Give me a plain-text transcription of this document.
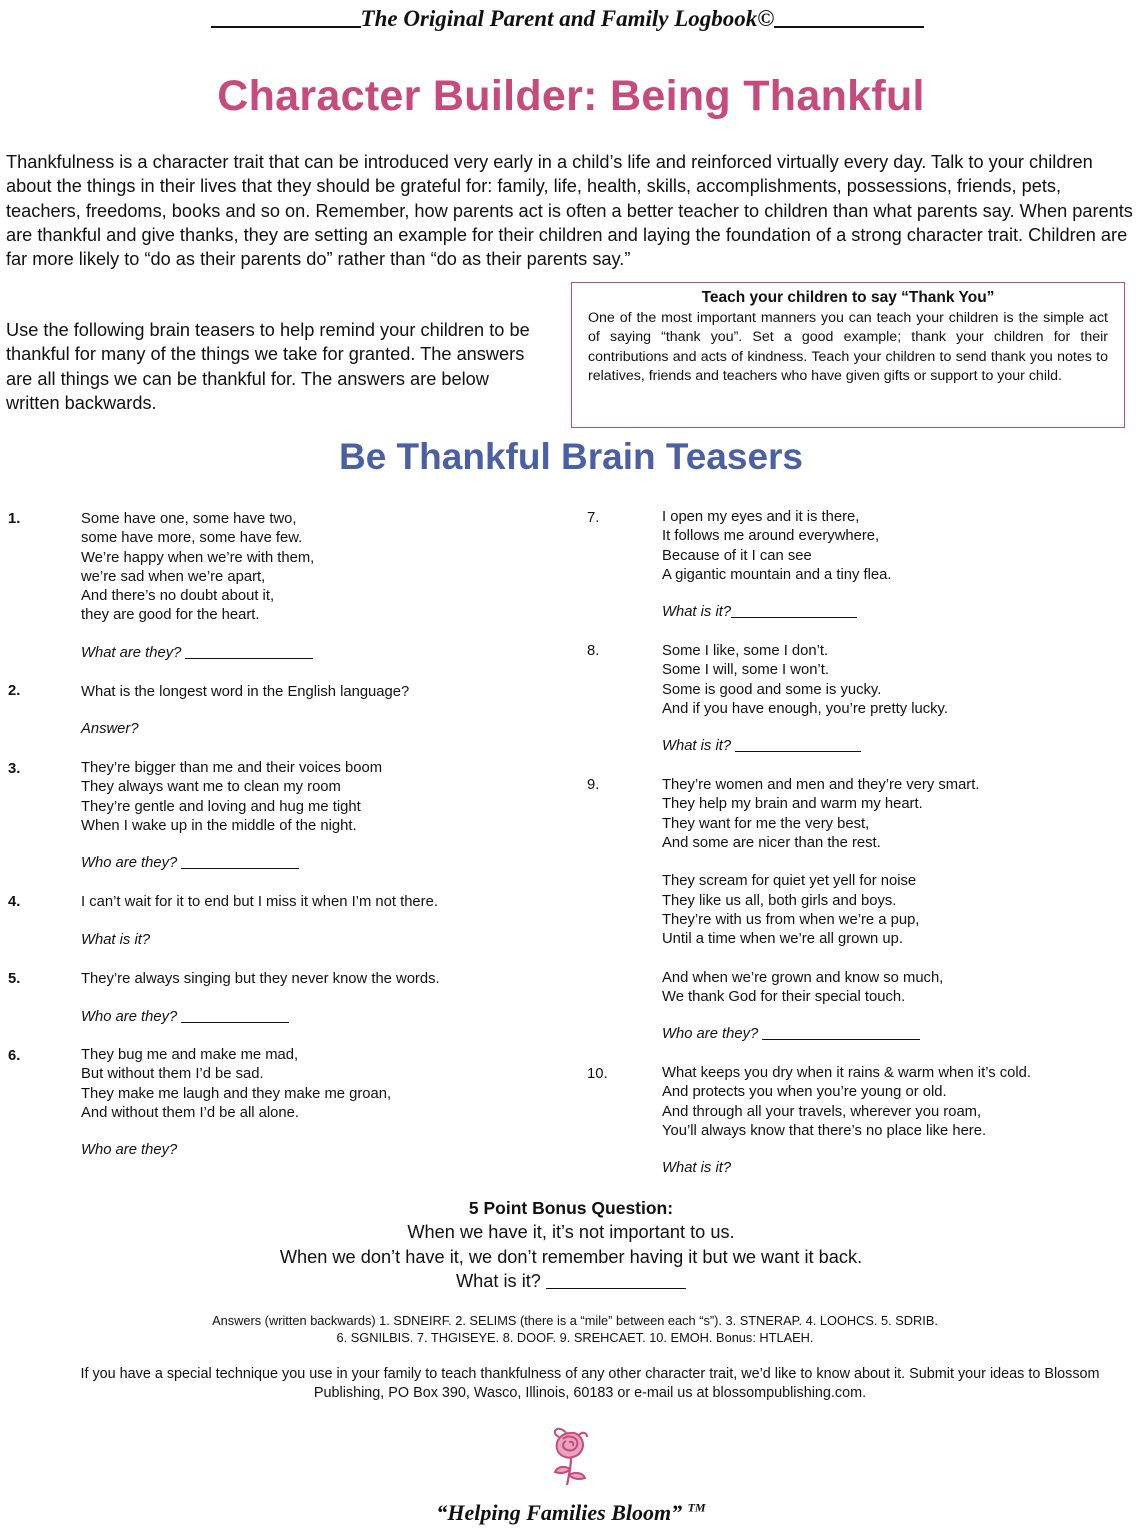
The Original Parent and Family Logbook©
Character Builder: Being Thankful
Thankfulness is a character trait that can be introduced very early in a child’s life and reinforced virtually every day. Talk to your children about the things in their lives that they should be grateful for: family, life, health, skills, accomplishments, possessions, friends, pets, teachers, freedoms, books and so on. Remember, how parents act is often a better teacher to children than what parents say. When parents are thankful and give thanks, they are setting an example for their children and laying the foundation of a strong character trait. Children are far more likely to “do as their parents do” rather than “do as their parents say.”
Use the following brain teasers to help remind your children to be thankful for many of the things we take for granted. The answers are all things we can be thankful for. The answers are below written backwards.
Teach your children to say “Thank You”
One of the most important manners you can teach your children is the simple act of saying “thank you”. Set a good example; thank your children for their contributions and acts of kindness. Teach your children to send thank you notes to relatives, friends and teachers who have given gifts or support to your child.
Be Thankful Brain Teasers
1.	Some have one, some have two,
some have more, some have few.
We’re happy when we’re with them,
we’re sad when we’re apart,
And there’s no doubt about it,
they are good for the heart.
What are they?
2.	What is the longest word in the English language?
Answer?
3.	They’re bigger than me and their voices boom
They always want me to clean my room
They’re gentle and loving and hug me tight
When I wake up in the middle of the night.
Who are they?
4.	I can’t wait for it to end but I miss it when I’m not there.
What is it?
5.	They’re always singing but they never know the words.
Who are they?
6.	They bug me and make me mad,
But without them I’d be sad.
They make me laugh and they make me groan,
And without them I’d be all alone.
Who are they?
7.	I open my eyes and it is there,
It follows me around everywhere,
Because of it I can see
A gigantic mountain and a tiny flea.
What is it?
8.	Some I like, some I don’t.
Some I will, some I won’t.
Some is good and some is yucky.
And if you have enough, you’re pretty lucky.
What is it?
9.	They’re women and men and they’re very smart.
They help my brain and warm my heart.
They want for me the very best,
And some are nicer than the rest.
They scream for quiet yet yell for noise
They like us all, both girls and boys.
They’re with us from when we’re a pup,
Until a time when we’re all grown up.
And when we’re grown and know so much,
We thank God for their special touch.
Who are they?
10.	What keeps you dry when it rains & warm when it’s cold.
And protects you when you’re young or old.
And through all your travels, wherever you roam,
You’ll always know that there’s no place like here.
What is it?
5 Point Bonus Question:
When we have it, it’s not important to us.
When we don’t have it, we don’t remember having it but we want it back.
What is it?
Answers (written backwards) 1. SDNEIRF. 2. SELIMS (there is a “mile” between each “s”). 3. STNERAP. 4. LOOHCS. 5. SDRIB.
6. SGNILBIS. 7. THGISEYE. 8. DOOF. 9. SREHCAET. 10. EMOH. Bonus: HTLAEH.
If you have a special technique you use in your family to teach thankfulness of any other character trait, we’d like to know about it. Submit your ideas to Blossom Publishing, PO Box 390, Wasco, Illinois, 60183 or e-mail us at blossompublishing.com.
“Helping Families Bloom” ™
